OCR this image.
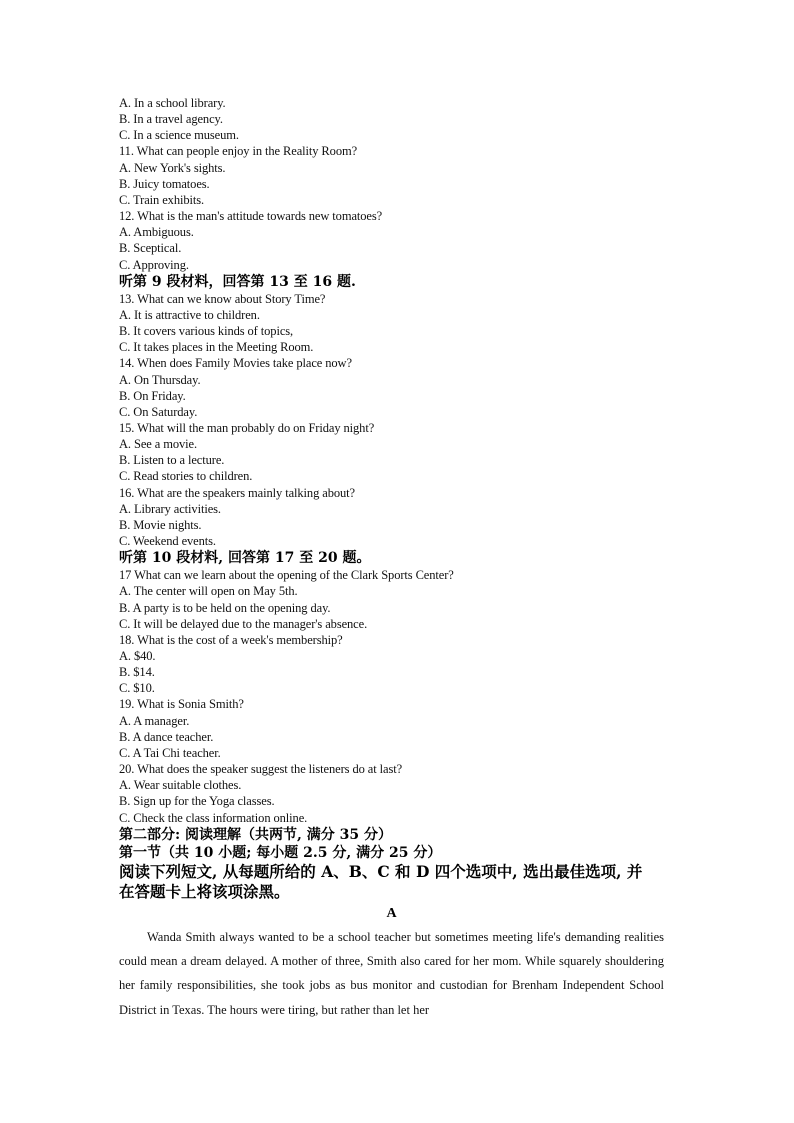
A. In a school library.
B. In a travel agency.
C. In a science museum.
11. What can people enjoy in the Reality Room?
A. New York's sights.
B. Juicy tomatoes.
C. Train exhibits.
12. What is the man's attitude towards new tomatoes?
A. Ambiguous.
B. Sceptical.
C. Approving.
听第 9 段材料，回答第 13 至 16 题.
13. What can we know about Story Time?
A. It is attractive to children.
B. It covers various kinds of topics,
C. It takes places in the Meeting Room.
14. When does Family Movies take place now?
A. On Thursday.
B. On Friday.
C. On Saturday.
15. What will the man probably do on Friday night?
A. See a movie.
B. Listen to a lecture.
C. Read stories to children.
16. What are the speakers mainly talking about?
A. Library activities.
B. Movie nights.
C. Weekend events.
听第 10 段材料, 回答第 17 至 20 题。
17 What can we learn about the opening of the Clark Sports Center?
A. The center will open on May 5th.
B. A party is to be held on the opening day.
C. It will be delayed due to the manager's absence.
18. What is the cost of a week's membership?
A. $40.
B. $14.
C. $10.
19. What is Sonia Smith?
A. A manager.
B. A dance teacher.
C. A Tai Chi teacher.
20. What does the speaker suggest the listeners do at last?
A. Wear suitable clothes.
B. Sign up for the Yoga classes.
C. Check the class information online.
第二部分: 阅读理解（共两节, 满分 35 分）
第一节（共 10 小题; 每小题 2.5 分, 满分 25 分）
阅读下列短文, 从每题所给的 A、B、C 和 D 四个选项中, 选出最佳选项, 并
在答题卡上将该项涂黑。
A
Wanda Smith always wanted to be a school teacher but sometimes meeting life's demanding realities could mean a dream delayed. A mother of three, Smith also cared for her mom. While squarely shouldering her family responsibilities, she took jobs as bus monitor and custodian for Brenham Independent School District in Texas. The hours were tiring, but rather than let her
